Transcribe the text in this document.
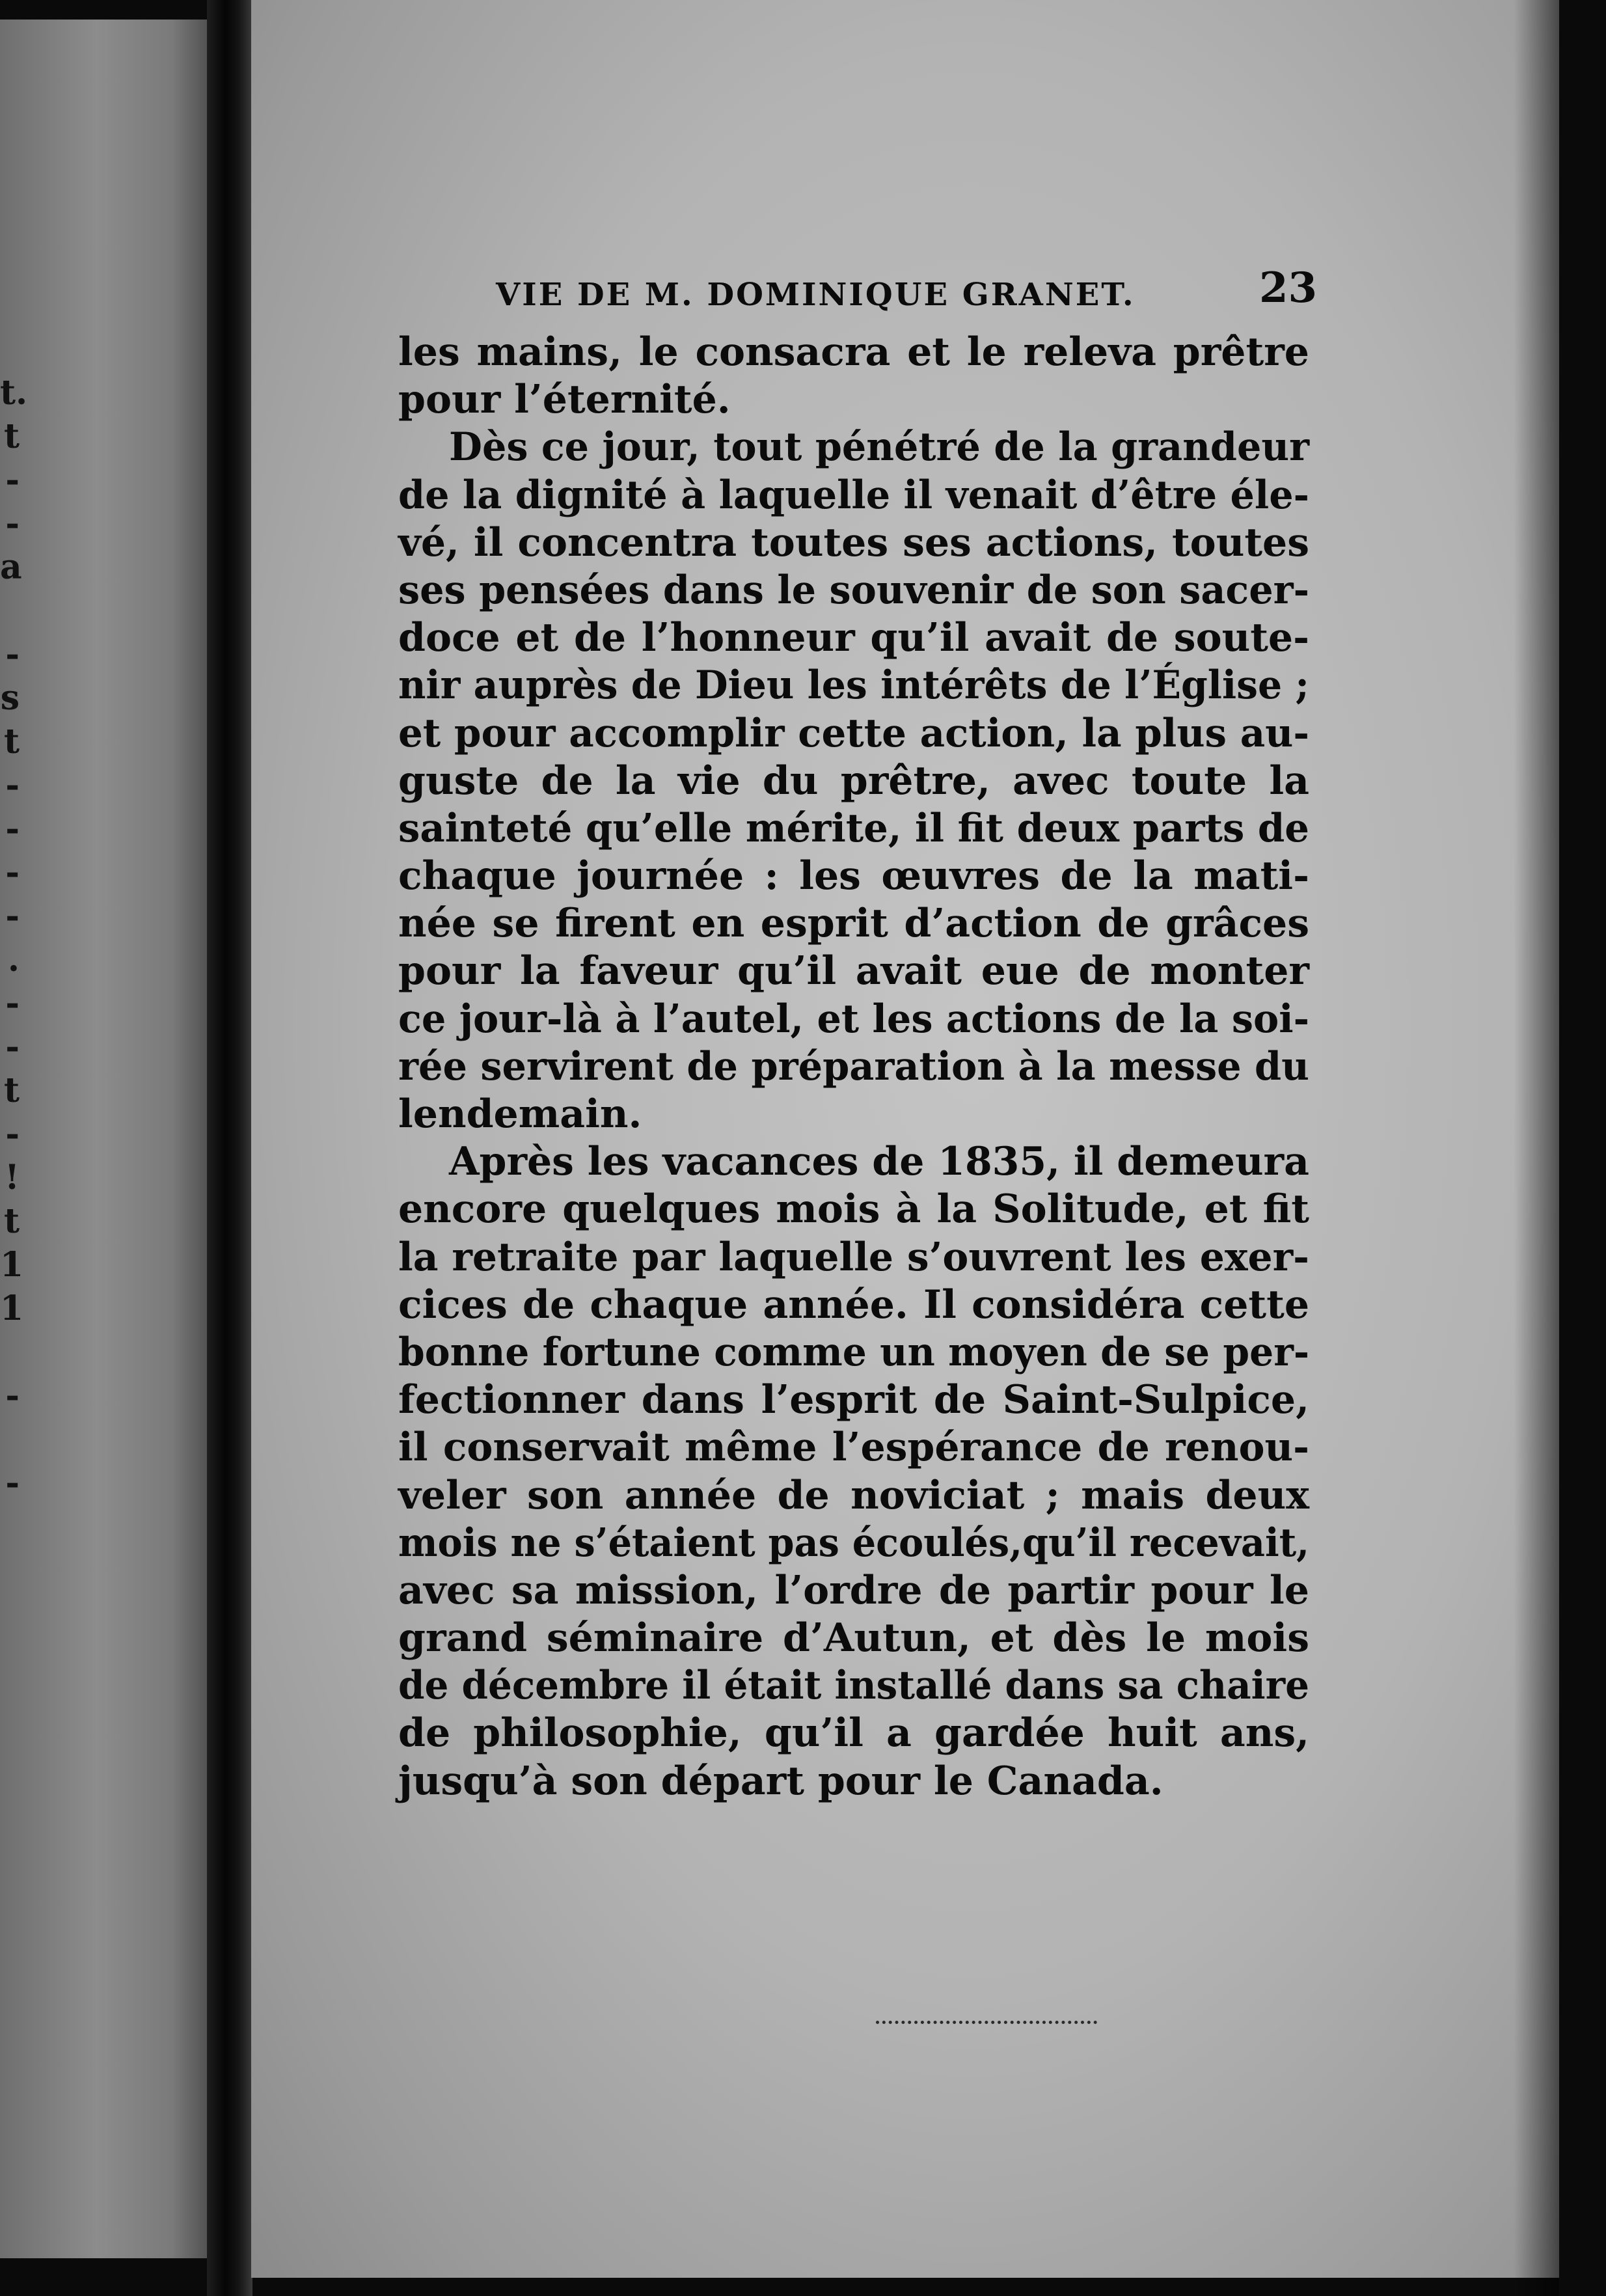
t.
t
-
-
a
-
s
t
-
-
-
-
.
-
-
t
-
!
t
1
1
-
-
VIE DE M. DOMINIQUE GRANET.	23
les mains, le consacra et le releva prêtre
pour l’éternité.
Dès ce jour, tout pénétré de la grandeur
de la dignité à laquelle il venait d’être éle-
vé, il concentra toutes ses actions, toutes
ses pensées dans le souvenir de son sacer-
doce et de l’honneur qu’il avait de soute-
nir auprès de Dieu les intérêts de l’Église ;
et pour accomplir cette action, la plus au-
guste de la vie du prêtre, avec toute la
sainteté qu’elle mérite, il fit deux parts de
chaque journée : les œuvres de la mati-
née se firent en esprit d’action de grâces
pour la faveur qu’il avait eue de monter
ce jour-là à l’autel, et les actions de la soi-
rée servirent de préparation à la messe du
lendemain.
Après les vacances de 1835, il demeura
encore quelques mois à la Solitude, et fit
la retraite par laquelle s’ouvrent les exer-
cices de chaque année. Il considéra cette
bonne fortune comme un moyen de se per-
fectionner dans l’esprit de Saint-Sulpice,
il conservait même l’espérance de renou-
veler son année de noviciat ; mais deux
mois ne s’étaient pas écoulés,qu’il recevait,
avec sa mission, l’ordre de partir pour le
grand séminaire d’Autun, et dès le mois
de décembre il était installé dans sa chaire
de philosophie, qu’il a gardée huit ans,
jusqu’à son départ pour le Canada.
